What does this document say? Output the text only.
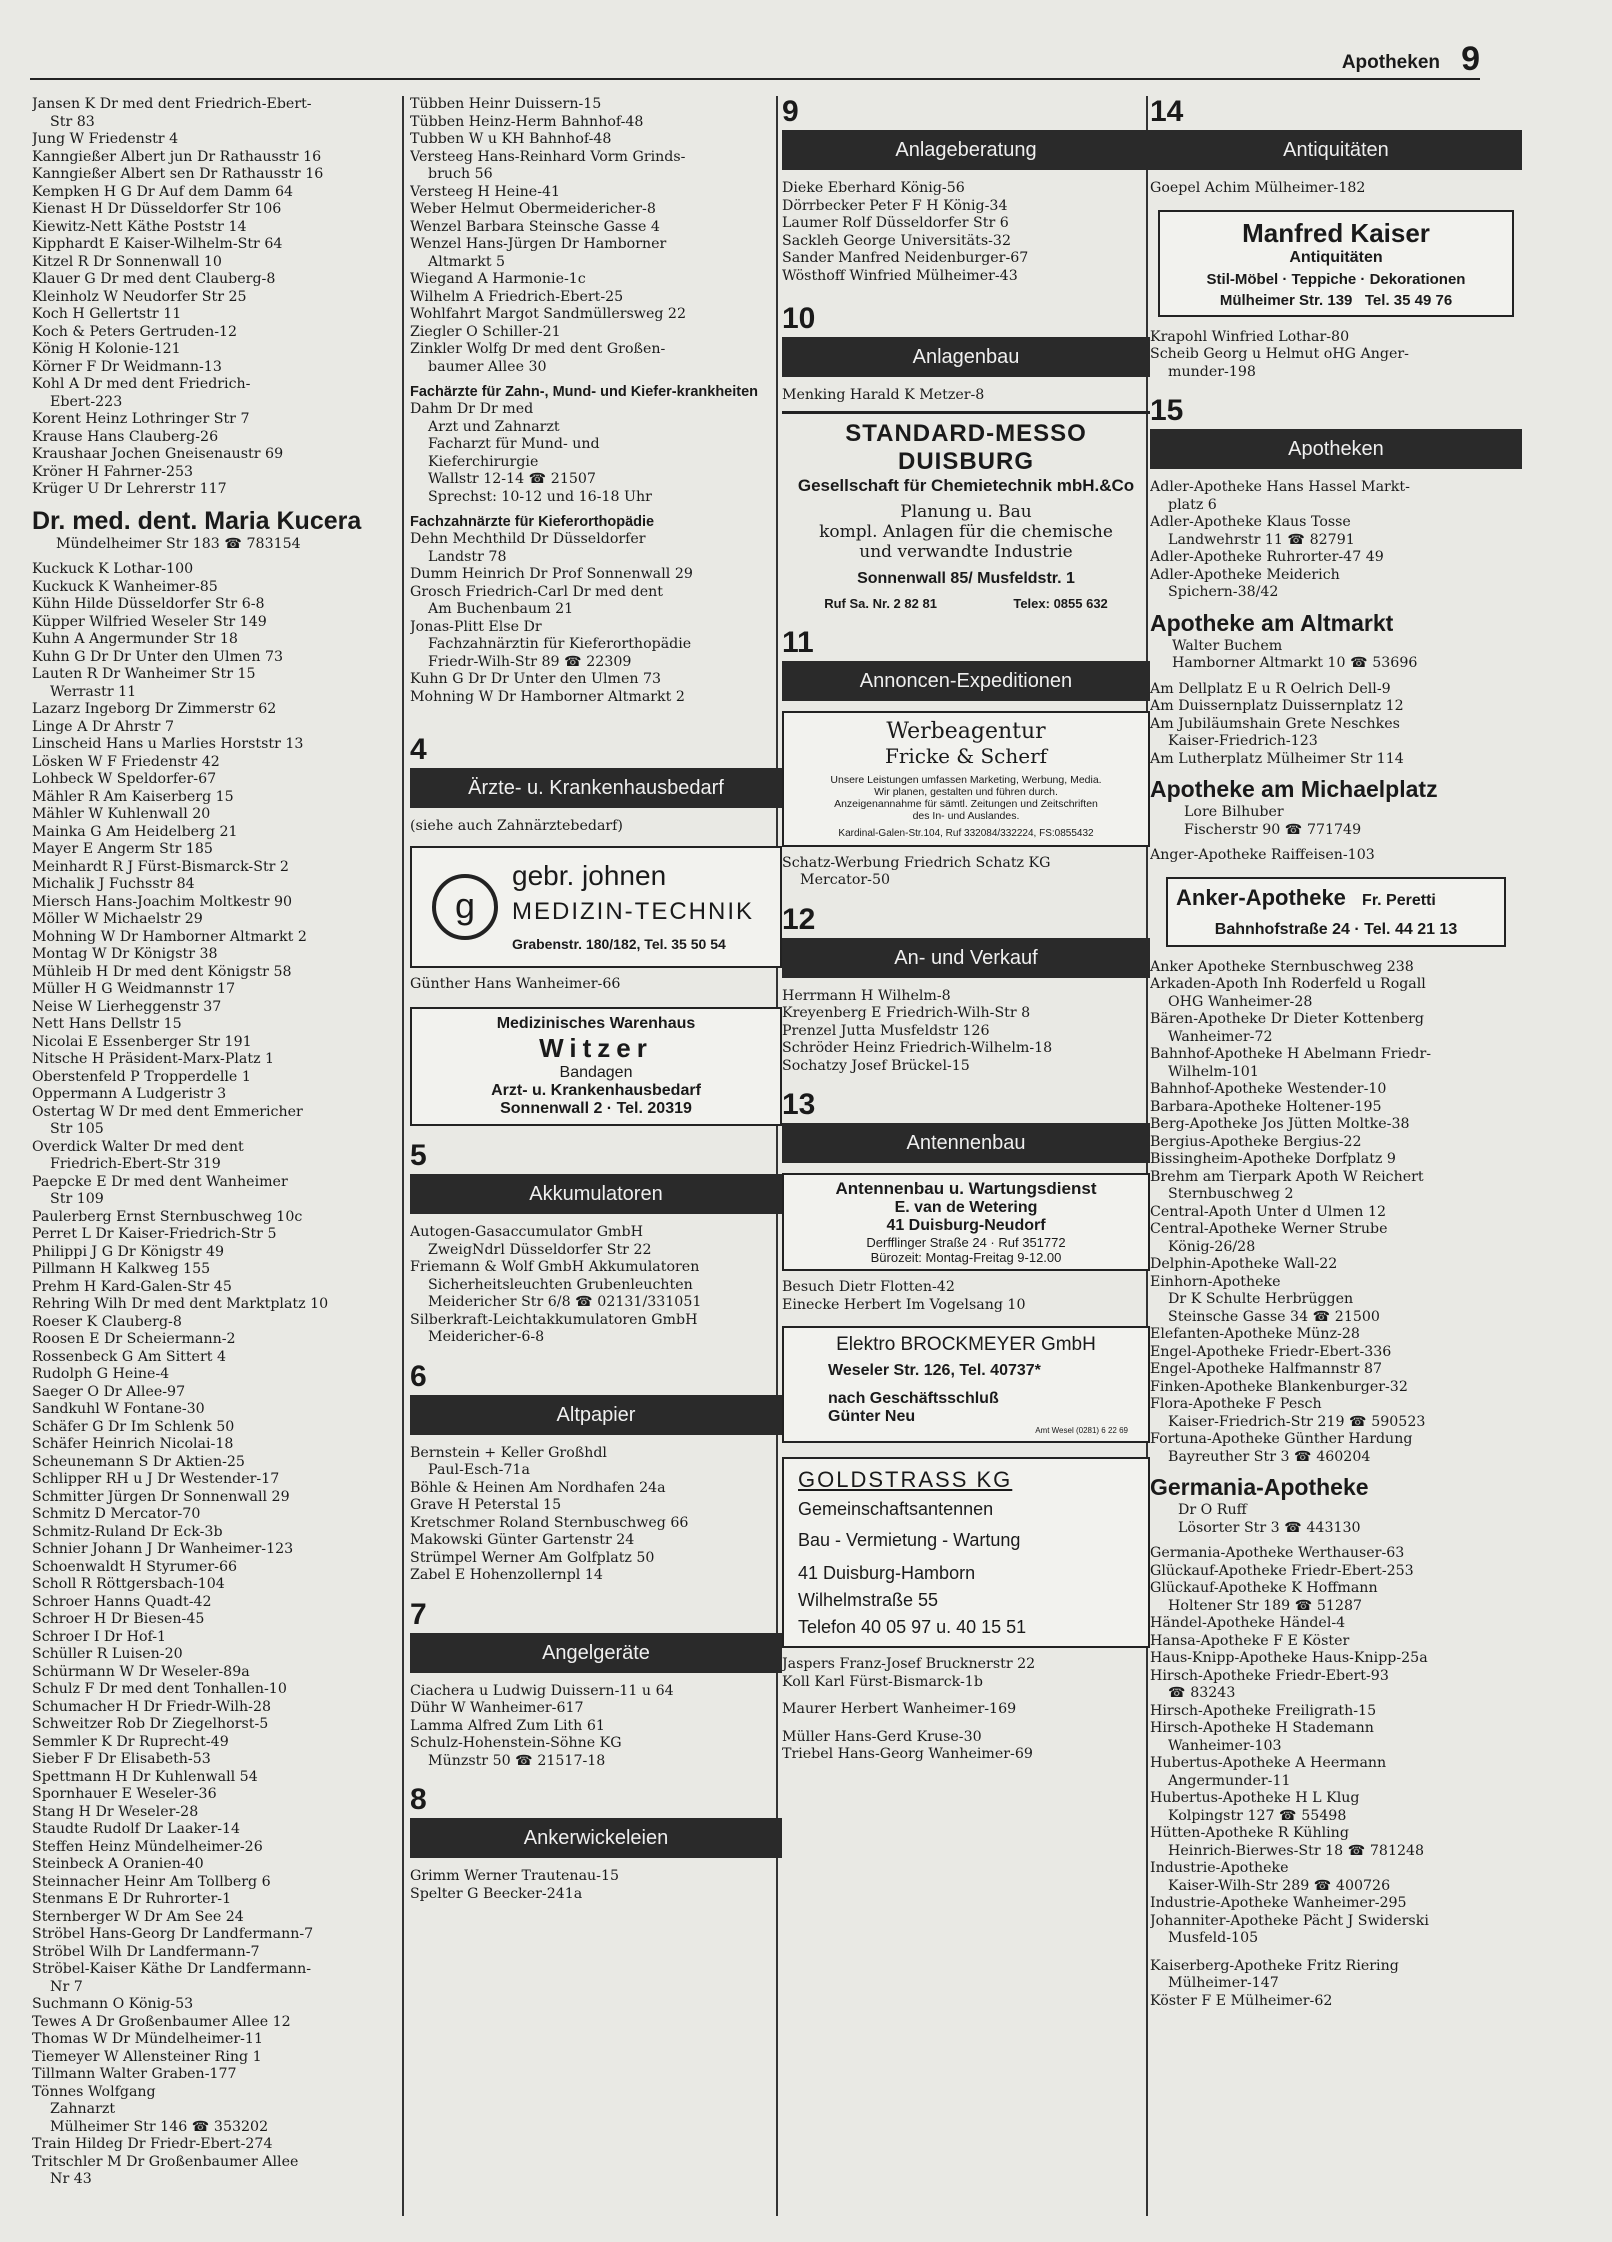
Apotheken 9
Jansen K Dr med dent Friedrich-Ebert-
Str 83
Jung W Friedenstr 4
Kanngießer Albert jun Dr Rathausstr 16
Kanngießer Albert sen Dr Rathausstr 16
Kempken H G Dr Auf dem Damm 64
Kienast H Dr Düsseldorfer Str 106
Kiewitz-Nett Käthe Poststr 14
Kipphardt E Kaiser-Wilhelm-Str 64
Kitzel R Dr Sonnenwall 10
Klauer G Dr med dent Clauberg-8
Kleinholz W Neudorfer Str 25
Koch H Gellertstr 11
Koch & Peters Gertruden-12
König H Kolonie-121
Körner F Dr Weidmann-13
Kohl A Dr med dent Friedrich-
Ebert-223
Korent Heinz Lothringer Str 7
Krause Hans Clauberg-26
Kraushaar Jochen Gneisenaustr 69
Kröner H Fahrner-253
Krüger U Dr Lehrerstr 117
Dr. med. dent. Maria Kucera
Mündelheimer Str 183 ☎ 783154
Kuckuck K Lothar-100
Kuckuck K Wanheimer-85
Kühn Hilde Düsseldorfer Str 6-8
Küpper Wilfried Weseler Str 149
Kuhn A Angermunder Str 18
Kuhn G Dr Dr Unter den Ulmen 73
Lauten R Dr Wanheimer Str 15
Werrastr 11
Lazarz Ingeborg Dr Zimmerstr 62
Linge A Dr Ahrstr 7
Linscheid Hans u Marlies Horststr 13
Lösken W F Friedenstr 42
Lohbeck W Speldorfer-67
Mähler R Am Kaiserberg 15
Mähler W Kuhlenwall 20
Mainka G Am Heidelberg 21
Mayer E Angerm Str 185
Meinhardt R J Fürst-Bismarck-Str 2
Michalik J Fuchsstr 84
Miersch Hans-Joachim Moltkestr 90
Möller W Michaelstr 29
Mohning W Dr Hamborner Altmarkt 2
Montag W Dr Königstr 38
Mühleib H Dr med dent Königstr 58
Müller H G Weidmannstr 17
Neise W Lierheggenstr 37
Nett Hans Dellstr 15
Nicolai E Essenberger Str 191
Nitsche H Präsident-Marx-Platz 1
Oberstenfeld P Tropperdelle 1
Oppermann A Ludgeristr 3
Ostertag W Dr med dent Emmericher
Str 105
Overdick Walter Dr med dent
Friedrich-Ebert-Str 319
Paepcke E Dr med dent Wanheimer
Str 109
Paulerberg Ernst Sternbuschweg 10c
Perret L Dr Kaiser-Friedrich-Str 5
Philippi J G Dr Königstr 49
Pillmann H Kalkweg 155
Prehm H Kard-Galen-Str 45
Rehring Wilh Dr med dent Marktplatz 10
Roeser K Clauberg-8
Roosen E Dr Scheiermann-2
Rossenbeck G Am Sittert 4
Rudolph G Heine-4
Saeger O Dr Allee-97
Sandkuhl W Fontane-30
Schäfer G Dr Im Schlenk 50
Schäfer Heinrich Nicolai-18
Scheunemann S Dr Aktien-25
Schlipper RH u J Dr Westender-17
Schmitter Jürgen Dr Sonnenwall 29
Schmitz D Mercator-70
Schmitz-Ruland Dr Eck-3b
Schnier Johann J Dr Wanheimer-123
Schoenwaldt H Styrumer-66
Scholl R Röttgersbach-104
Schroer Hanns Quadt-42
Schroer H Dr Biesen-45
Schroer I Dr Hof-1
Schüller R Luisen-20
Schürmann W Dr Weseler-89a
Schulz F Dr med dent Tonhallen-10
Schumacher H Dr Friedr-Wilh-28
Schweitzer Rob Dr Ziegelhorst-5
Semmler K Dr Ruprecht-49
Sieber F Dr Elisabeth-53
Spettmann H Dr Kuhlenwall 54
Spornhauer E Weseler-36
Stang H Dr Weseler-28
Staudte Rudolf Dr Laaker-14
Steffen Heinz Mündelheimer-26
Steinbeck A Oranien-40
Steinnacher Heinr Am Tollberg 6
Stenmans E Dr Ruhrorter-1
Sternberger W Dr Am See 24
Ströbel Hans-Georg Dr Landfermann-7
Ströbel Wilh Dr Landfermann-7
Ströbel-Kaiser Käthe Dr Landfermann-
Nr 7
Suchmann O König-53
Tewes A Dr Großenbaumer Allee 12
Thomas W Dr Mündelheimer-11
Tiemeyer W Allensteiner Ring 1
Tillmann Walter Graben-177
Tönnes Wolfgang
Zahnarzt
Mülheimer Str 146 ☎ 353202
Train Hildeg Dr Friedr-Ebert-274
Tritschler M Dr Großenbaumer Allee
Nr 43
Tübben Heinr Duissern-15
Tübben Heinz-Herm Bahnhof-48
Tubben W u KH Bahnhof-48
Versteeg Hans-Reinhard Vorm Grinds-
bruch 56
Versteeg H Heine-41
Weber Helmut Obermeidericher-8
Wenzel Barbara Steinsche Gasse 4
Wenzel Hans-Jürgen Dr Hamborner
Altmarkt 5
Wiegand A Harmonie-1c
Wilhelm A Friedrich-Ebert-25
Wohlfahrt Margot Sandmüllersweg 22
Ziegler O Schiller-21
Zinkler Wolfg Dr med dent Großen-
baumer Allee 30
Fachärzte für Zahn-, Mund- und Kiefer-krankheiten
Dahm Dr Dr med
Arzt und Zahnarzt
Facharzt für Mund- und
Kieferchirurgie
Wallstr 12-14 ☎ 21507
Sprechst: 10-12 und 16-18 Uhr
Fachzahnärzte für Kieferorthopädie
Dehn Mechthild Dr Düsseldorfer
Landstr 78
Dumm Heinrich Dr Prof Sonnenwall 29
Grosch Friedrich-Carl Dr med dent
Am Buchenbaum 21
Jonas-Plitt Else Dr
Fachzahnärztin für Kieferorthopädie
Friedr-Wilh-Str 89 ☎ 22309
Kuhn G Dr Dr Unter den Ulmen 73
Mohning W Dr Hamborner Altmarkt 2
4
Ärzte- u. Krankenhausbedarf
(siehe auch Zahnärztebedarf)
g
gebr. johnen
MEDIZIN-TECHNIK
Grabenstr. 180/182, Tel. 35 50 54
Günther Hans Wanheimer-66
Medizinisches Warenhaus
Witzer
Bandagen
Arzt- u. Krankenhausbedarf
Sonnenwall 2 · Tel. 20319
5
Akkumulatoren
Autogen-Gasaccumulator GmbH
ZweigNdrl Düsseldorfer Str 22
Friemann & Wolf GmbH Akkumulatoren
Sicherheitsleuchten Grubenleuchten
Meidericher Str 6/8 ☎ 02131/331051
Silberkraft-Leichtakkumulatoren GmbH
Meidericher-6-8
6
Altpapier
Bernstein + Keller Großhdl
Paul-Esch-71a
Böhle & Heinen Am Nordhafen 24a
Grave H Peterstal 15
Kretschmer Roland Sternbuschweg 66
Makowski Günter Gartenstr 24
Strümpel Werner Am Golfplatz 50
Zabel E Hohenzollernpl 14
7
Angelgeräte
Ciachera u Ludwig Duissern-11 u 64
Dühr W Wanheimer-617
Lamma Alfred Zum Lith 61
Schulz-Hohenstein-Söhne KG
Münzstr 50 ☎ 21517-18
8
Ankerwickeleien
Grimm Werner Trautenau-15
Spelter G Beecker-241a
9
Anlageberatung
Dieke Eberhard König-56
Dörrbecker Peter F H König-34
Laumer Rolf Düsseldorfer Str 6
Sackleh George Universitäts-32
Sander Manfred Neidenburger-67
Wösthoff Winfried Mülheimer-43
10
Anlagenbau
Menking Harald K Metzer-8
STANDARD-MESSO DUISBURG
Gesellschaft für Chemietechnik mbH.&Co
Planung u. Bau
kompl. Anlagen für die chemische
und verwandte Industrie
Sonnenwall 85/ Musfeldstr. 1
Ruf Sa. Nr. 2 82 81	Telex: 0855 632
11
Annoncen-Expeditionen
Werbeagentur
Fricke & Scherf
Unsere Leistungen umfassen Marketing, Werbung, Media.
Wir planen, gestalten und führen durch.
Anzeigenannahme für sämtl. Zeitungen und Zeitschriften
des In- und Auslandes.
Kardinal-Galen-Str.104, Ruf 332084/332224, FS:0855432
Schatz-Werbung Friedrich Schatz KG
Mercator-50
12
An- und Verkauf
Herrmann H Wilhelm-8
Kreyenberg E Friedrich-Wilh-Str 8
Prenzel Jutta Musfeldstr 126
Schröder Heinz Friedrich-Wilhelm-18
Sochatzy Josef Brückel-15
13
Antennenbau
Antennenbau u. Wartungsdienst
E. van de Wetering
41 Duisburg-Neudorf
Derfflinger Straße 24 · Ruf 351772
Bürozeit: Montag-Freitag 9-12.00
Besuch Dietr Flotten-42
Einecke Herbert Im Vogelsang 10
Elektro BROCKMEYER GmbH
Weseler Str. 126, Tel. 40737*
nach Geschäftsschluß
Günter Neu
Amt Wesel (0281) 6 22 69
GOLDSTRASS KG
Gemeinschaftsantennen
Bau - Vermietung - Wartung
41 Duisburg-Hamborn
Wilhelmstraße 55
Telefon 40 05 97 u. 40 15 51
Jaspers Franz-Josef Brucknerstr 22
Koll Karl Fürst-Bismarck-1b
Maurer Herbert Wanheimer-169
Müller Hans-Gerd Kruse-30
Triebel Hans-Georg Wanheimer-69
14
Antiquitäten
Goepel Achim Mülheimer-182
Manfred Kaiser
Antiquitäten
Stil-Möbel · Teppiche · Dekorationen
Mülheimer Str. 139   Tel. 35 49 76
Krapohl Winfried Lothar-80
Scheib Georg u Helmut oHG Anger-
munder-198
15
Apotheken
Adler-Apotheke Hans Hassel Markt-
platz 6
Adler-Apotheke Klaus Tosse
Landwehrstr 11 ☎ 82791
Adler-Apotheke Ruhrorter-47 49
Adler-Apotheke Meiderich
Spichern-38/42
Apotheke am Altmarkt
Walter Buchem
Hamborner Altmarkt 10 ☎ 53696
Am Dellplatz E u R Oelrich Dell-9
Am Duissernplatz Duissernplatz 12
Am Jubiläumshain Grete Neschkes
Kaiser-Friedrich-123
Am Lutherplatz Mülheimer Str 114
Apotheke am Michaelplatz
Lore Bilhuber
Fischerstr 90 ☎ 771749
Anger-Apotheke Raiffeisen-103
Anker-Apotheke Fr. Peretti
Bahnhofstraße 24 · Tel. 44 21 13
Anker Apotheke Sternbuschweg 238
Arkaden-Apoth Inh Roderfeld u Rogall
OHG Wanheimer-28
Bären-Apotheke Dr Dieter Kottenberg
Wanheimer-72
Bahnhof-Apotheke H Abelmann Friedr-
Wilhelm-101
Bahnhof-Apotheke Westender-10
Barbara-Apotheke Holtener-195
Berg-Apotheke Jos Jütten Moltke-38
Bergius-Apotheke Bergius-22
Bissingheim-Apotheke Dorfplatz 9
Brehm am Tierpark Apoth W Reichert
Sternbuschweg 2
Central-Apoth Unter d Ulmen 12
Central-Apotheke Werner Strube
König-26/28
Delphin-Apotheke Wall-22
Einhorn-Apotheke
Dr K Schulte Herbrüggen
Steinsche Gasse 34 ☎ 21500
Elefanten-Apotheke Münz-28
Engel-Apotheke Friedr-Ebert-336
Engel-Apotheke Halfmannstr 87
Finken-Apotheke Blankenburger-32
Flora-Apotheke F Pesch
Kaiser-Friedrich-Str 219 ☎ 590523
Fortuna-Apotheke Günther Hardung
Bayreuther Str 3 ☎ 460204
Germania-Apotheke
Dr O Ruff
Lösorter Str 3 ☎ 443130
Germania-Apotheke Werthauser-63
Glückauf-Apotheke Friedr-Ebert-253
Glückauf-Apotheke K Hoffmann
Holtener Str 189 ☎ 51287
Händel-Apotheke Händel-4
Hansa-Apotheke F E Köster
Haus-Knipp-Apotheke Haus-Knipp-25a
Hirsch-Apotheke Friedr-Ebert-93
☎ 83243
Hirsch-Apotheke Freiligrath-15
Hirsch-Apotheke H Stademann
Wanheimer-103
Hubertus-Apotheke A Heermann
Angermunder-11
Hubertus-Apotheke H L Klug
Kolpingstr 127 ☎ 55498
Hütten-Apotheke R Kühling
Heinrich-Bierwes-Str 18 ☎ 781248
Industrie-Apotheke
Kaiser-Wilh-Str 289 ☎ 400726
Industrie-Apotheke Wanheimer-295
Johanniter-Apotheke Pächt J Swiderski
Musfeld-105
Kaiserberg-Apotheke Fritz Riering
Mülheimer-147
Köster F E Mülheimer-62
